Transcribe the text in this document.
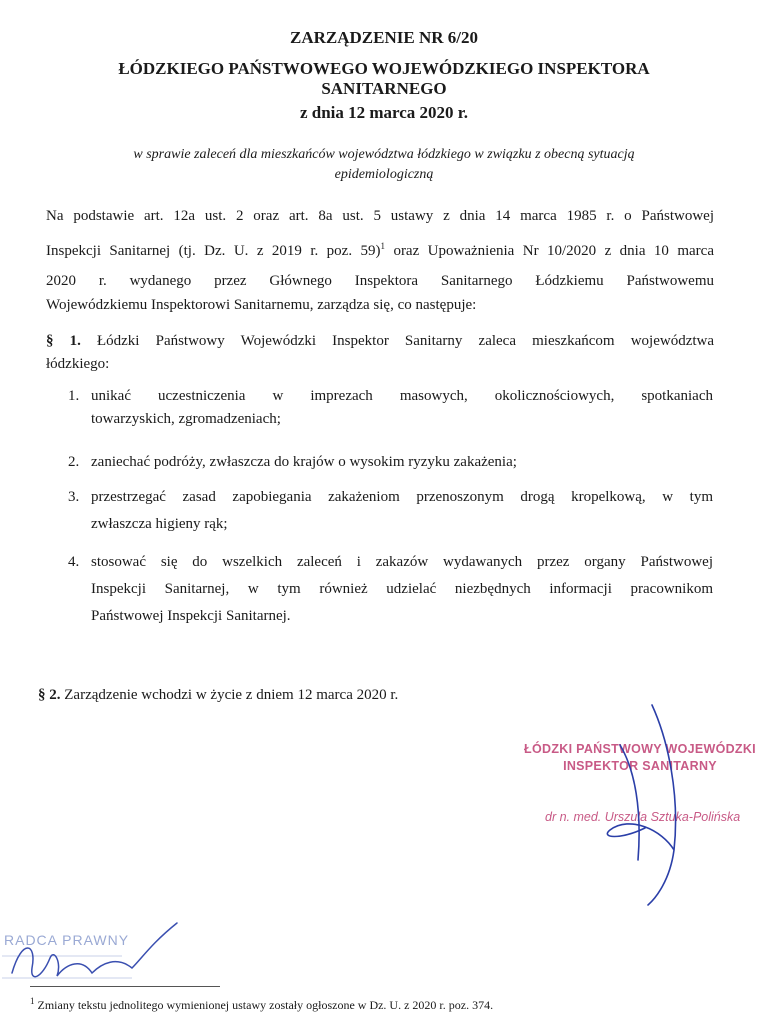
ZARZĄDZENIE NR 6/20
ŁÓDZKIEGO PAŃSTWOWEGO WOJEWÓDZKIEGO INSPEKTORA
SANITARNEGO
z dnia 12 marca 2020 r.
w sprawie zaleceń dla mieszkańców województwa łódzkiego w związku z obecną sytuacją
epidemiologiczną
Na podstawie art. 12a ust. 2 oraz art. 8a ust. 5 ustawy z dnia 14 marca 1985 r. o Państwowej
Inspekcji Sanitarnej (tj. Dz. U. z 2019 r. poz. 59)$^1$ oraz Upoważnienia Nr 10/2020 z dnia 10 marca
2020 r. wydanego przez Głównego Inspektora Sanitarnego Łódzkiemu Państwowemu
Wojewódzkiemu Inspektorowi Sanitarnemu, zarządza się, co następuje:
§ 1. Łódzki Państwowy Wojewódzki Inspektor Sanitarny zaleca mieszkańcom województwa
łódzkiego:
1. unikać uczestniczenia w imprezach masowych, okolicznościowych, spotkaniach
towarzyskich, zgromadzeniach;
2. zaniechać podróży, zwłaszcza do krajów o wysokim ryzyku zakażenia;
3. przestrzegać zasad zapobiegania zakażeniom przenoszonym drogą kropelkową, w tym
zwłaszcza higieny rąk;
4. stosować się do wszelkich zaleceń i zakazów wydawanych przez organy Państwowej
Inspekcji Sanitarnej, w tym również udzielać niezbędnych informacji pracownikom
Państwowej Inspekcji Sanitarnej.
§ 2. Zarządzenie wchodzi w życie z dniem 12 marca 2020 r.
ŁÓDZKI PAŃSTWOWY WOJEWÓDZKI
INSPEKTOR SANITARNY
dr n. med. Urszula Sztuka-Polińska
RADCA PRAWNY
$^1$ Zmiany tekstu jednolitego wymienionej ustawy zostały ogłoszone w Dz. U. z 2020 r. poz. 374.
